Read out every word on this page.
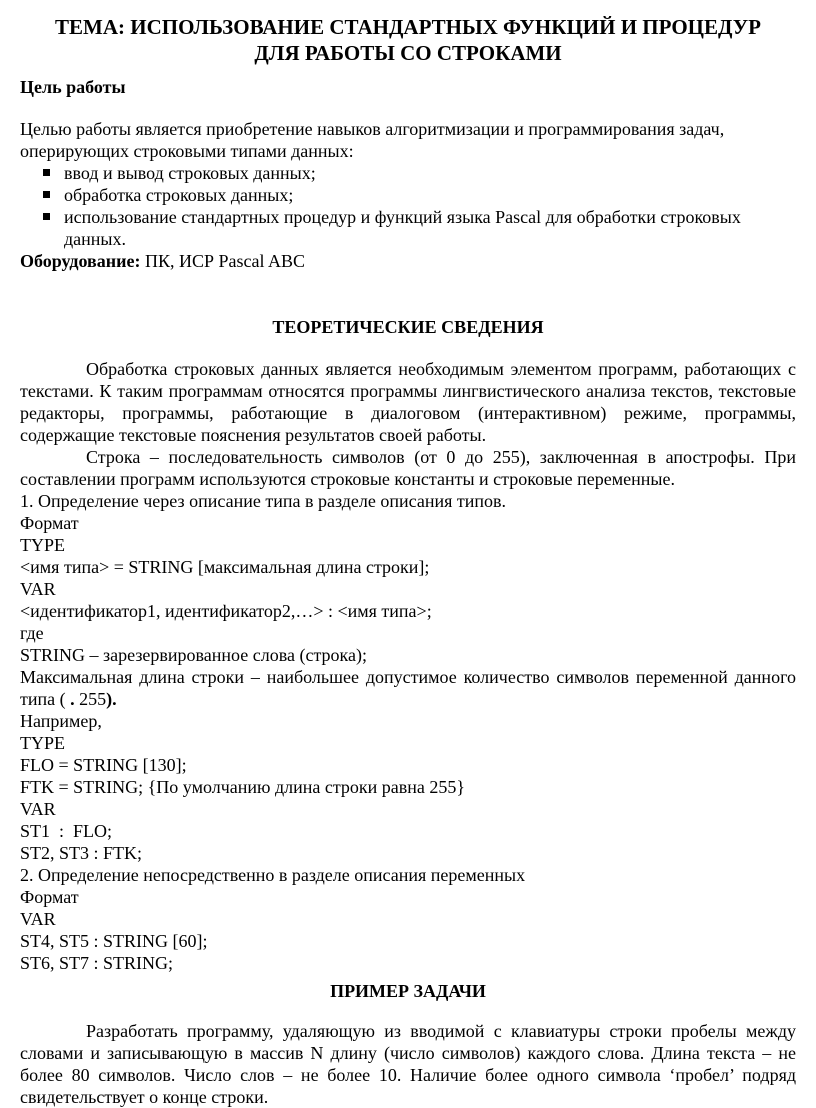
ТЕМА: ИСПОЛЬЗОВАНИЕ СТАНДАРТНЫХ ФУНКЦИЙ И ПРОЦЕДУР

ДЛЯ РАБОТЫ СО СТРОКАМИ

Цель работы

Целью работы является приобретение навыков алгоритмизации и программирования задач, оперирующих строковыми типами данных:

ввод и вывод строковых данных;
обработка строковых данных;
использование стандартных процедур и функций языка Pascal для обработки строковых данных.

Оборудование: ПК, ИСР Pascal ABC

ТЕОРЕТИЧЕСКИЕ СВЕДЕНИЯ

Обработка строковых данных является необходимым элементом программ, работающих с текстами. К таким программам относятся программы лингвистического анализа текстов, текстовые редакторы, программы, работающие в диалоговом (интерактивном) режиме, программы, содержащие текстовые пояснения результатов своей работы.

Строка – последовательность символов (от 0 до 255), заключенная в апострофы. При составлении программ используются строковые константы и строковые переменные.

1. Определение через описание типа в разделе описания типов.

Формат

TYPE

<имя типа> = STRING [максимальная длина строки];

VAR

<идентификатор1, идентификатор2,…> : <имя типа>;

где

STRING – зарезервированное слова (строка);

Максимальная длина строки – наибольшее допустимое количество символов переменной данного типа ( . 255).

Например,

TYPE

FLO = STRING [130];

FTK = STRING; {По умолчанию длина строки равна 255}

VAR

ST1  :  FLO;

ST2, ST3 : FTK;

2. Определение непосредственно в разделе описания переменных

Формат

VAR

ST4, ST5 : STRING [60];

ST6, ST7 : STRING;

ПРИМЕР ЗАДАЧИ

Разработать программу, удаляющую из вводимой с клавиатуры строки пробелы между словами и записывающую в массив N длину (число символов) каждого слова. Длина текста – не более 80 символов. Число слов – не более 10. Наличие более одного символа ‘пробел’ подряд свидетельствует о конце строки.
